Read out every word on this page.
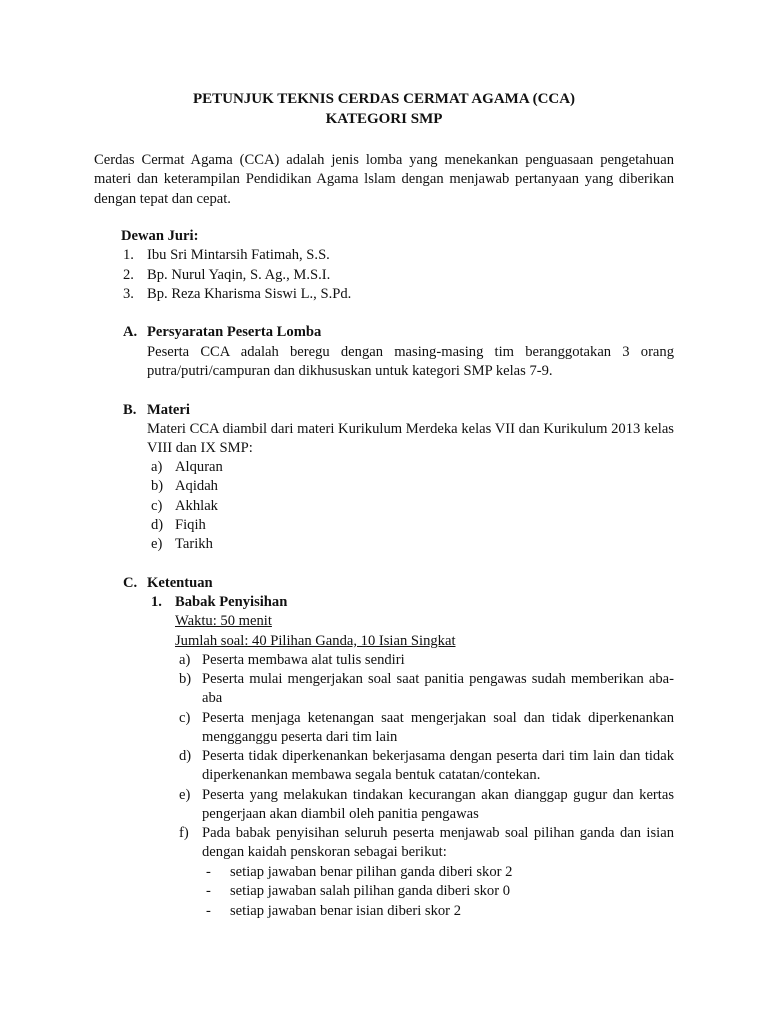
PETUNJUK TEKNIS CERDAS CERMAT AGAMA (CCA)
KATEGORI SMP
Cerdas Cermat Agama (CCA) adalah jenis lomba yang menekankan penguasaan pengetahuan materi dan keterampilan Pendidikan Agama lslam dengan menjawab pertanyaan yang diberikan dengan tepat dan cepat.
Dewan Juri:
1. Ibu Sri Mintarsih Fatimah, S.S.
2. Bp. Nurul Yaqin, S. Ag., M.S.I.
3. Bp. Reza Kharisma Siswi L., S.Pd.
A. Persyaratan Peserta Lomba
Peserta CCA adalah beregu dengan masing-masing tim beranggotakan 3 orang putra/putri/campuran dan dikhususkan untuk kategori SMP kelas 7-9.
B. Materi
Materi CCA diambil dari materi Kurikulum Merdeka kelas VII dan Kurikulum 2013 kelas VIII dan IX SMP:
a) Alquran
b) Aqidah
c) Akhlak
d) Fiqih
e) Tarikh
C. Ketentuan
1. Babak Penyisihan
Waktu: 50 menit
Jumlah soal: 40 Pilihan Ganda, 10 Isian Singkat
a) Peserta membawa alat tulis sendiri
b) Peserta mulai mengerjakan soal saat panitia pengawas sudah memberikan aba-aba
c) Peserta menjaga ketenangan saat mengerjakan soal dan tidak diperkenankan mengganggu peserta dari tim lain
d) Peserta tidak diperkenankan bekerjasama dengan peserta dari tim lain dan tidak diperkenankan membawa segala bentuk catatan/contekan.
e) Peserta yang melakukan tindakan kecurangan akan dianggap gugur dan kertas pengerjaan akan diambil oleh panitia pengawas
f) Pada babak penyisihan seluruh peserta menjawab soal pilihan ganda dan isian dengan kaidah penskoran sebagai berikut:
- setiap jawaban benar pilihan ganda diberi skor 2
- setiap jawaban salah pilihan ganda diberi skor 0
- setiap jawaban benar isian diberi skor 2
